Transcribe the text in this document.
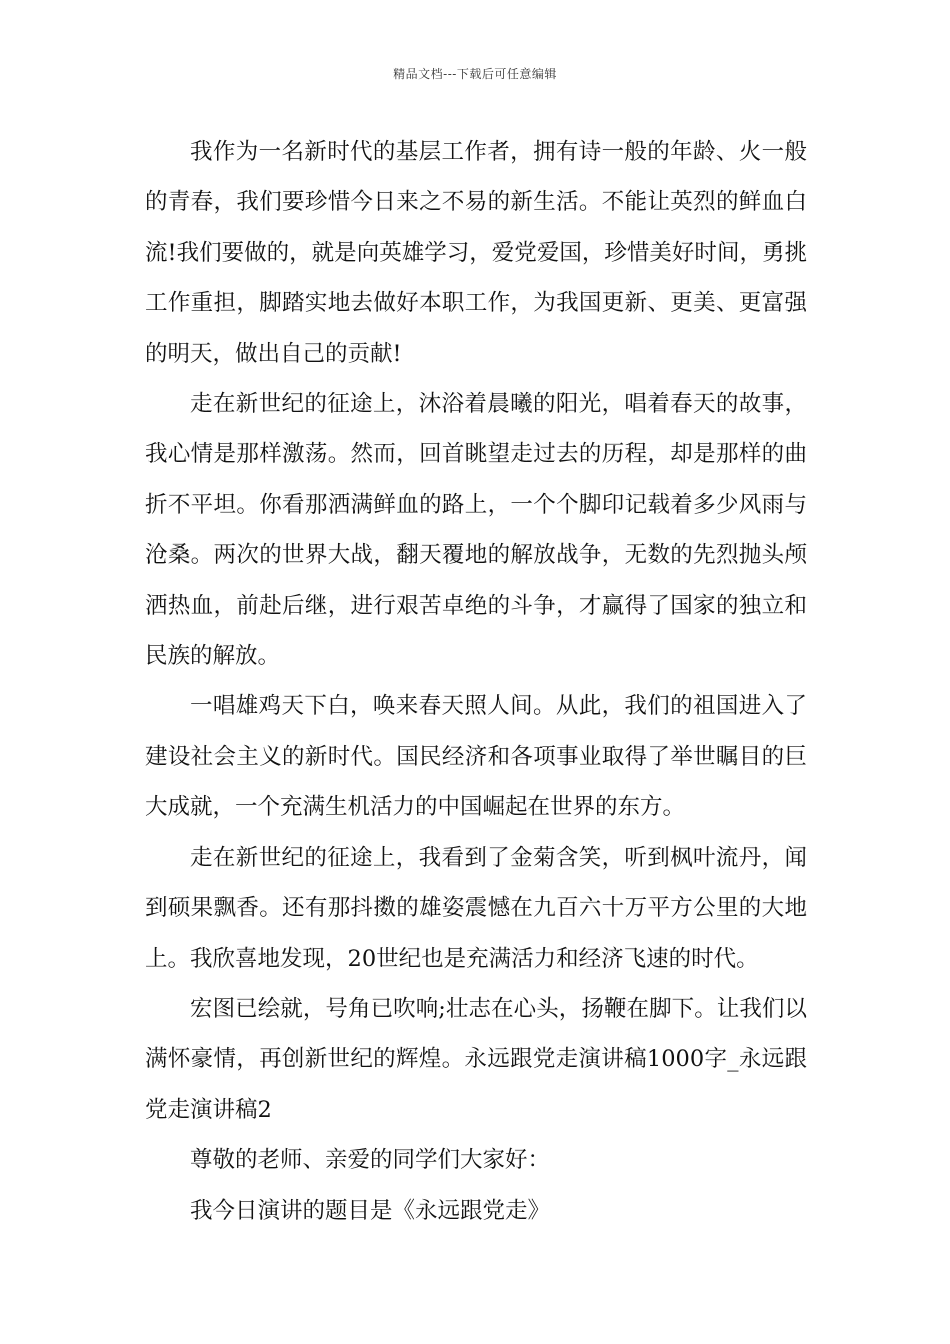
精品文档---下载后可任意编辑

我作为一名新时代的基层工作者，拥有诗一般的年龄、火一般的青春，我们要珍惜今日来之不易的新生活。不能让英烈的鲜血白流!我们要做的，就是向英雄学习，爱党爱国，珍惜美好时间，勇挑工作重担，脚踏实地去做好本职工作，为我国更新、更美、更富强的明天，做出自己的贡献!

走在新世纪的征途上，沐浴着晨曦的阳光，唱着春天的故事，我心情是那样激荡。然而，回首眺望走过去的历程，却是那样的曲折不平坦。你看那洒满鲜血的路上，一个个脚印记载着多少风雨与沧桑。两次的世界大战，翻天覆地的解放战争，无数的先烈抛头颅洒热血，前赴后继，进行艰苦卓绝的斗争，才赢得了国家的独立和民族的解放。

一唱雄鸡天下白，唤来春天照人间。从此，我们的祖国进入了建设社会主义的新时代。国民经济和各项事业取得了举世瞩目的巨大成就，一个充满生机活力的中国崛起在世界的东方。

走在新世纪的征途上，我看到了金菊含笑，听到枫叶流丹，闻到硕果飘香。还有那抖擞的雄姿震憾在九百六十万平方公里的大地上。我欣喜地发现，20世纪也是充满活力和经济飞速的时代。

宏图已绘就，号角已吹响;壮志在心头，扬鞭在脚下。让我们以满怀豪情，再创新世纪的辉煌。永远跟党走演讲稿1000字_永远跟党走演讲稿2

尊敬的老师、亲爱的同学们大家好：

我今日演讲的题目是《永远跟党走》
